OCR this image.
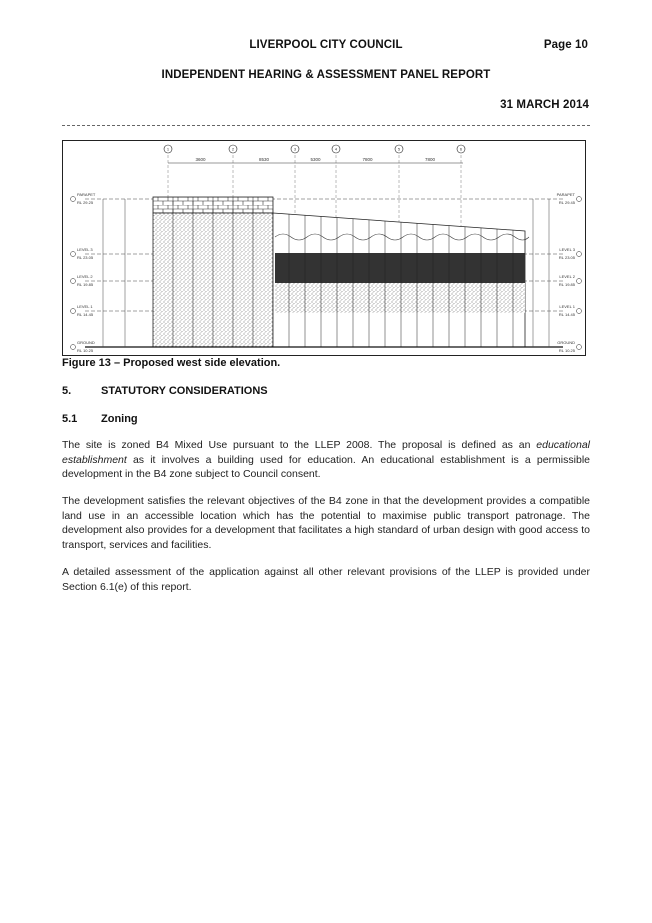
LIVERPOOL CITY COUNCIL	Page 10
INDEPENDENT HEARING & ASSESSMENT PANEL REPORT
31 MARCH 2014
1	2	3	4	5	6
3600	8530	5300	7800	7800
PARAPET
RL 29.25
LEVEL 3
RL 23.05
LEVEL 2
RL 19.85
LEVEL 1
RL 14.45
GROUND
RL 10.25
PARAPET
RL 29.45
LEVEL 3
RL 23.05
LEVEL 2
RL 19.85
LEVEL 1
RL 14.45
GROUND
RL 10.25
Figure 13 – Proposed west side elevation.
5.	STATUTORY CONSIDERATIONS
5.1 Zoning
The site is zoned B4 Mixed Use pursuant to the LLEP 2008. The proposal is defined as an educational establishment as it involves a building used for education. An educational establishment is a permissible development in the B4 zone subject to Council consent.
The development satisfies the relevant objectives of the B4 zone in that the development provides a compatible land use in an accessible location which has the potential to maximise public transport patronage. The development also provides for a development that facilitates a high standard of urban design with good access to transport, services and facilities.
A detailed assessment of the application against all other relevant provisions of the LLEP is provided under Section 6.1(e) of this report.
